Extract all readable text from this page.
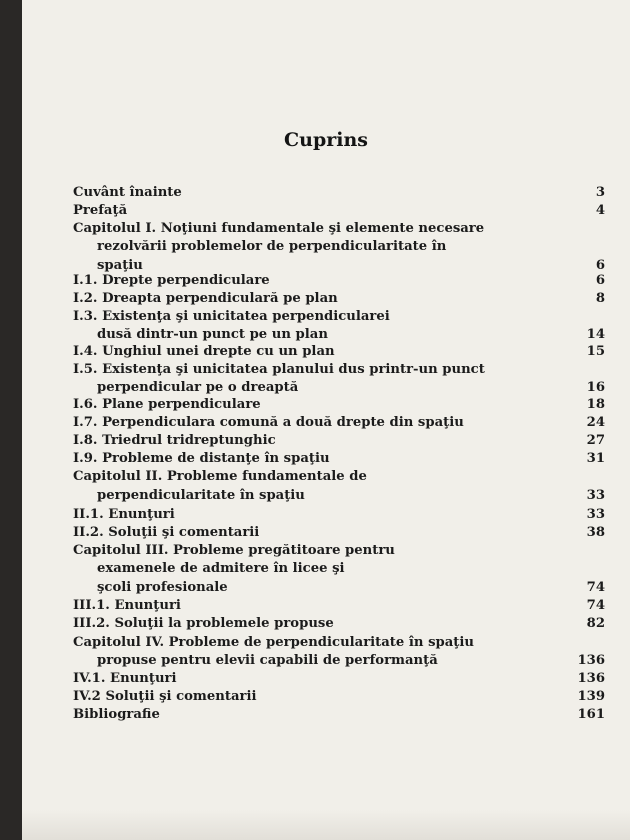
Cuprins
Cuvânt înainte	3
Prefaţă	4
Capitolul I. Noţiuni fundamentale şi elemente necesare
rezolvării problemelor de perpendicularitate în
spaţiu	6
I.1. Drepte perpendiculare	6
I.2. Dreapta perpendiculară pe plan	8
I.3. Existenţa şi unicitatea perpendicularei
dusă dintr-un punct pe un plan	14
I.4. Unghiul unei drepte cu un plan	15
I.5. Existenţa şi unicitatea planului dus printr-un punct
perpendicular pe o dreaptă	16
I.6. Plane perpendiculare	18
I.7. Perpendiculara comună a două drepte din spaţiu	24
I.8. Triedrul tridreptunghic	27
I.9. Probleme de distanţe în spaţiu	31
Capitolul II. Probleme fundamentale de
perpendicularitate în spaţiu	33
II.1. Enunţuri	33
II.2. Soluţii şi comentarii	38
Capitolul III. Probleme pregătitoare pentru
examenele de admitere în licee şi
şcoli profesionale	74
III.1. Enunţuri	74
III.2. Soluţii la problemele propuse	82
Capitolul IV. Probleme de perpendicularitate în spaţiu
propuse pentru elevii capabili de performanţă	136
IV.1. Enunţuri	136
IV.2 Soluţii şi comentarii	139
Bibliografie	161
